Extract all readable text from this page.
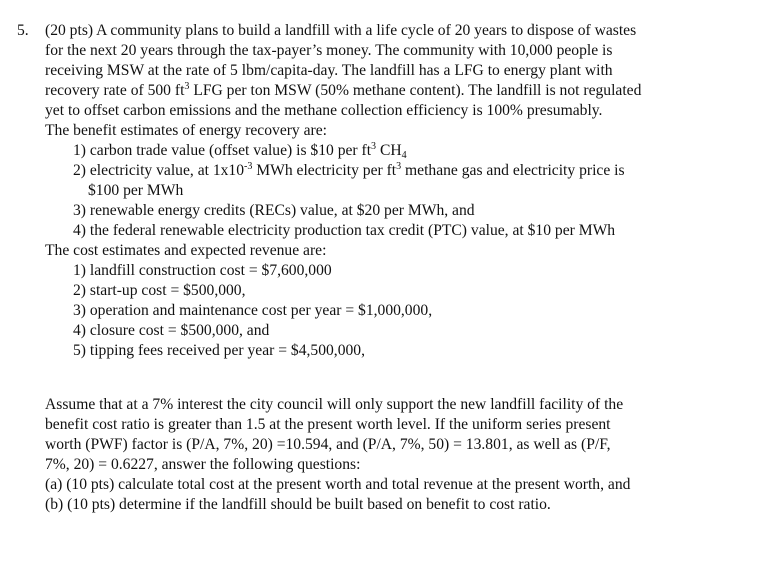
5. (20 pts) A community plans to build a landfill with a life cycle of 20 years to dispose of wastes
for the next 20 years through the tax-payer’s money. The community with 10,000 people is
receiving MSW at the rate of 5 lbm/capita-day. The landfill has a LFG to energy plant with
recovery rate of 500 $ft^3$ LFG per ton MSW (50% methane content). The landfill is not regulated
yet to offset carbon emissions and the methane collection efficiency is 100% presumably.
The benefit estimates of energy recovery are:
1) carbon trade value (offset value) is $10 per $ft^3$ $CH_4$
2) electricity value, at $1x10^{-3}$ MWh electricity per $ft^3$ methane gas and electricity price is
$100 per MWh
3) renewable energy credits (RECs) value, at $20 per MWh, and
4) the federal renewable electricity production tax credit (PTC) value, at $10 per MWh
The cost estimates and expected revenue are:
1) landfill construction cost = $7,600,000
2) start-up cost = $500,000,
3) operation and maintenance cost per year = $1,000,000,
4) closure cost = $500,000, and
5) tipping fees received per year = $4,500,000,
Assume that at a 7% interest the city council will only support the new landfill facility of the
benefit cost ratio is greater than 1.5 at the present worth level. If the uniform series present
worth (PWF) factor is (P/A, 7%, 20) =10.594, and (P/A, 7%, 50) = 13.801, as well as (P/F,
7%, 20) = 0.6227, answer the following questions:
(a) (10 pts) calculate total cost at the present worth and total revenue at the present worth, and
(b) (10 pts) determine if the landfill should be built based on benefit to cost ratio.
